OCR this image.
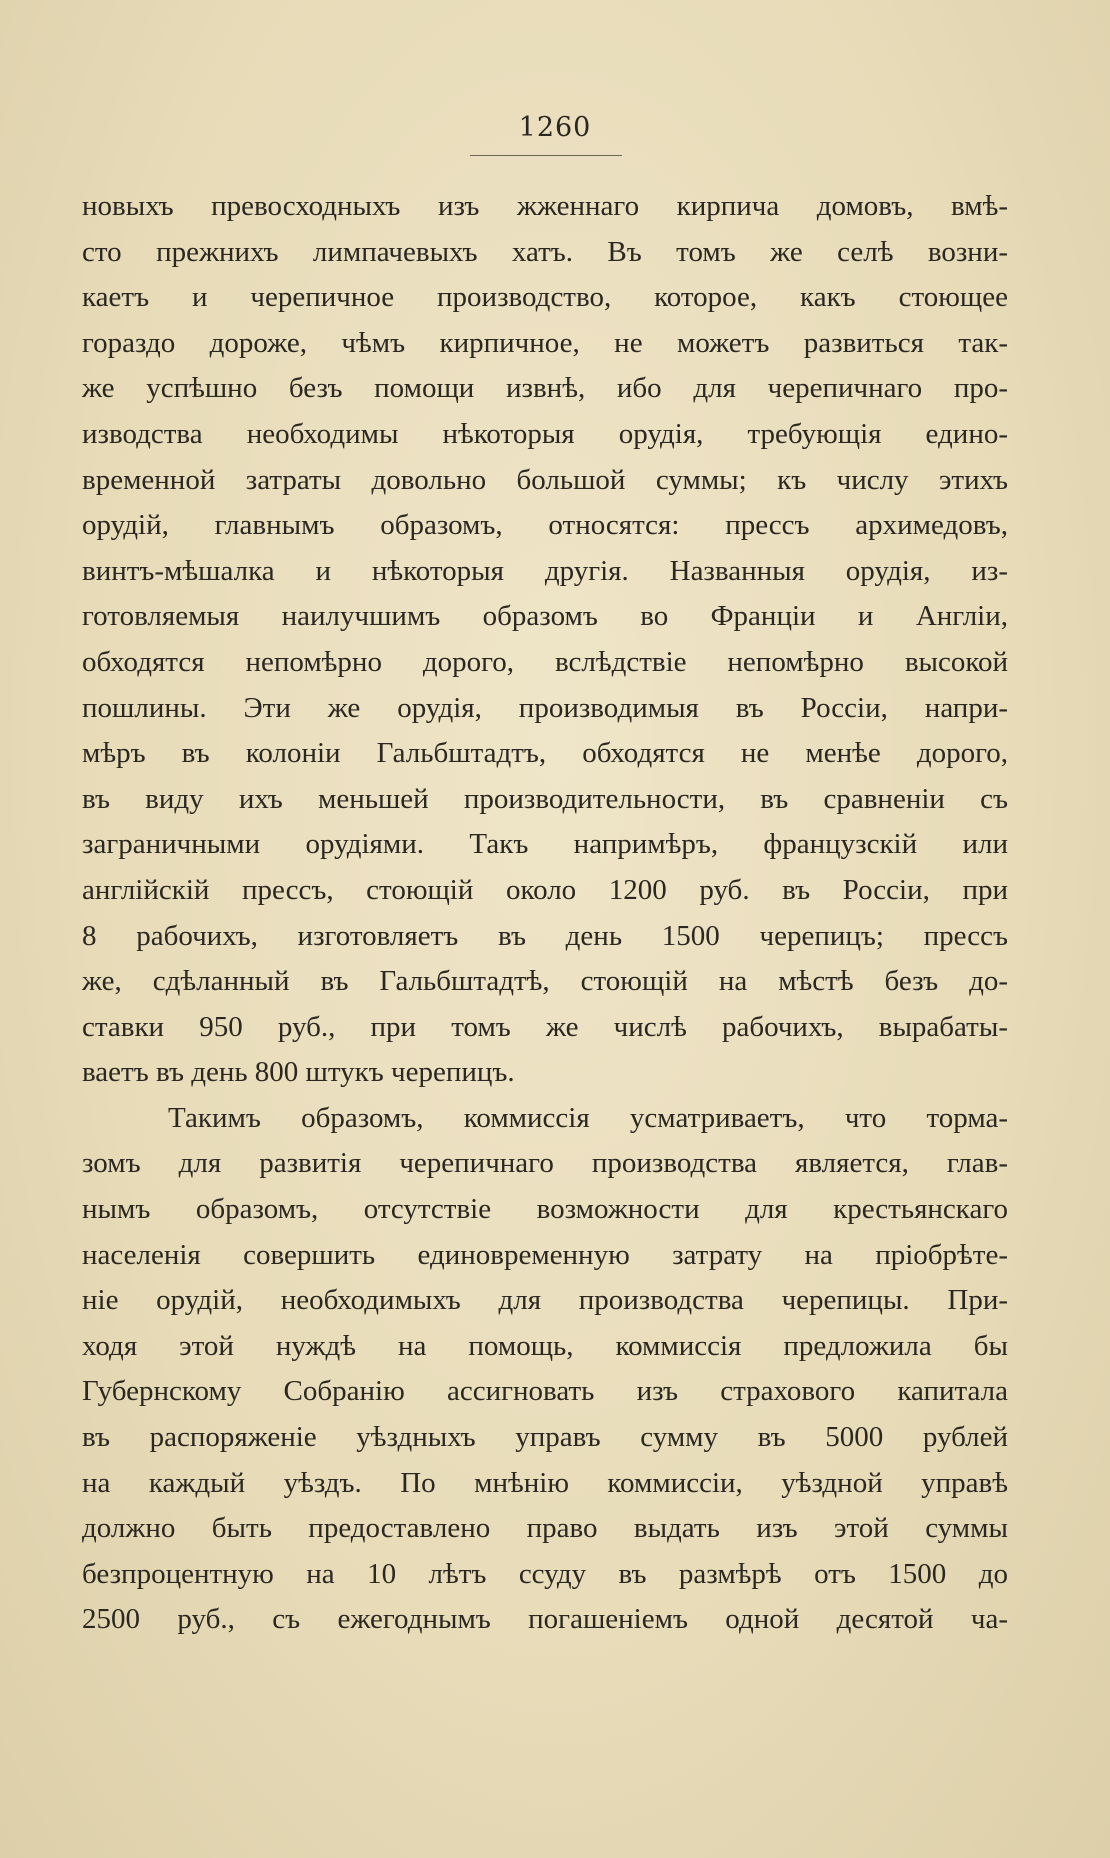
1260
новыхъ превосходныхъ изъ жженнаго кирпича домовъ, вмѣ-
сто прежнихъ лимпачевыхъ хатъ. Въ томъ же селѣ возни-
каетъ и черепичное производство, которое, какъ стоющее
гораздо дороже, чѣмъ кирпичное, не можетъ развиться так-
же успѣшно безъ помощи извнѣ, ибо для черепичнаго про-
изводства необходимы нѣкоторыя орудія, требующія едино-
временной затраты довольно большой суммы; къ числу этихъ
орудій, главнымъ образомъ, относятся: прессъ архимедовъ,
винтъ-мѣшалка и нѣкоторыя другія. Названныя орудія, из-
готовляемыя наилучшимъ образомъ во Франціи и Англіи,
обходятся непомѣрно дорого, вслѣдствіе непомѣрно высокой
пошлины. Эти же орудія, производимыя въ Россіи, напри-
мѣръ въ колоніи Гальбштадтъ, обходятся не менѣе дорого,
въ виду ихъ меньшей производительности, въ сравненіи съ
заграничными орудіями. Такъ напримѣръ, французскій или
англійскій прессъ, стоющій около 1200 руб. въ Россіи, при
8 рабочихъ, изготовляетъ въ день 1500 черепицъ; прессъ
же, сдѣланный въ Гальбштадтѣ, стоющій на мѣстѣ безъ до-
ставки 950 руб., при томъ же числѣ рабочихъ, вырабаты-
ваетъ въ день 800 штукъ черепицъ.
Такимъ образомъ, коммиссія усматриваетъ, что торма-
зомъ для развитія черепичнаго производства является, глав-
нымъ образомъ, отсутствіе возможности для крестьянскаго
населенія совершить единовременную затрату на пріобрѣте-
ніе орудій, необходимыхъ для производства черепицы. При-
ходя этой нуждѣ на помощь, коммиссія предложила бы
Губернскому Собранію ассигновать изъ страхового капитала
въ распоряженіе уѣздныхъ управъ сумму въ 5000 рублей
на каждый уѣздъ. По мнѣнію коммиссіи, уѣздной управѣ
должно быть предоставлено право выдать изъ этой суммы
безпроцентную на 10 лѣтъ ссуду въ размѣрѣ отъ 1500 до
2500 руб., съ ежегоднымъ погашеніемъ одной десятой ча-
